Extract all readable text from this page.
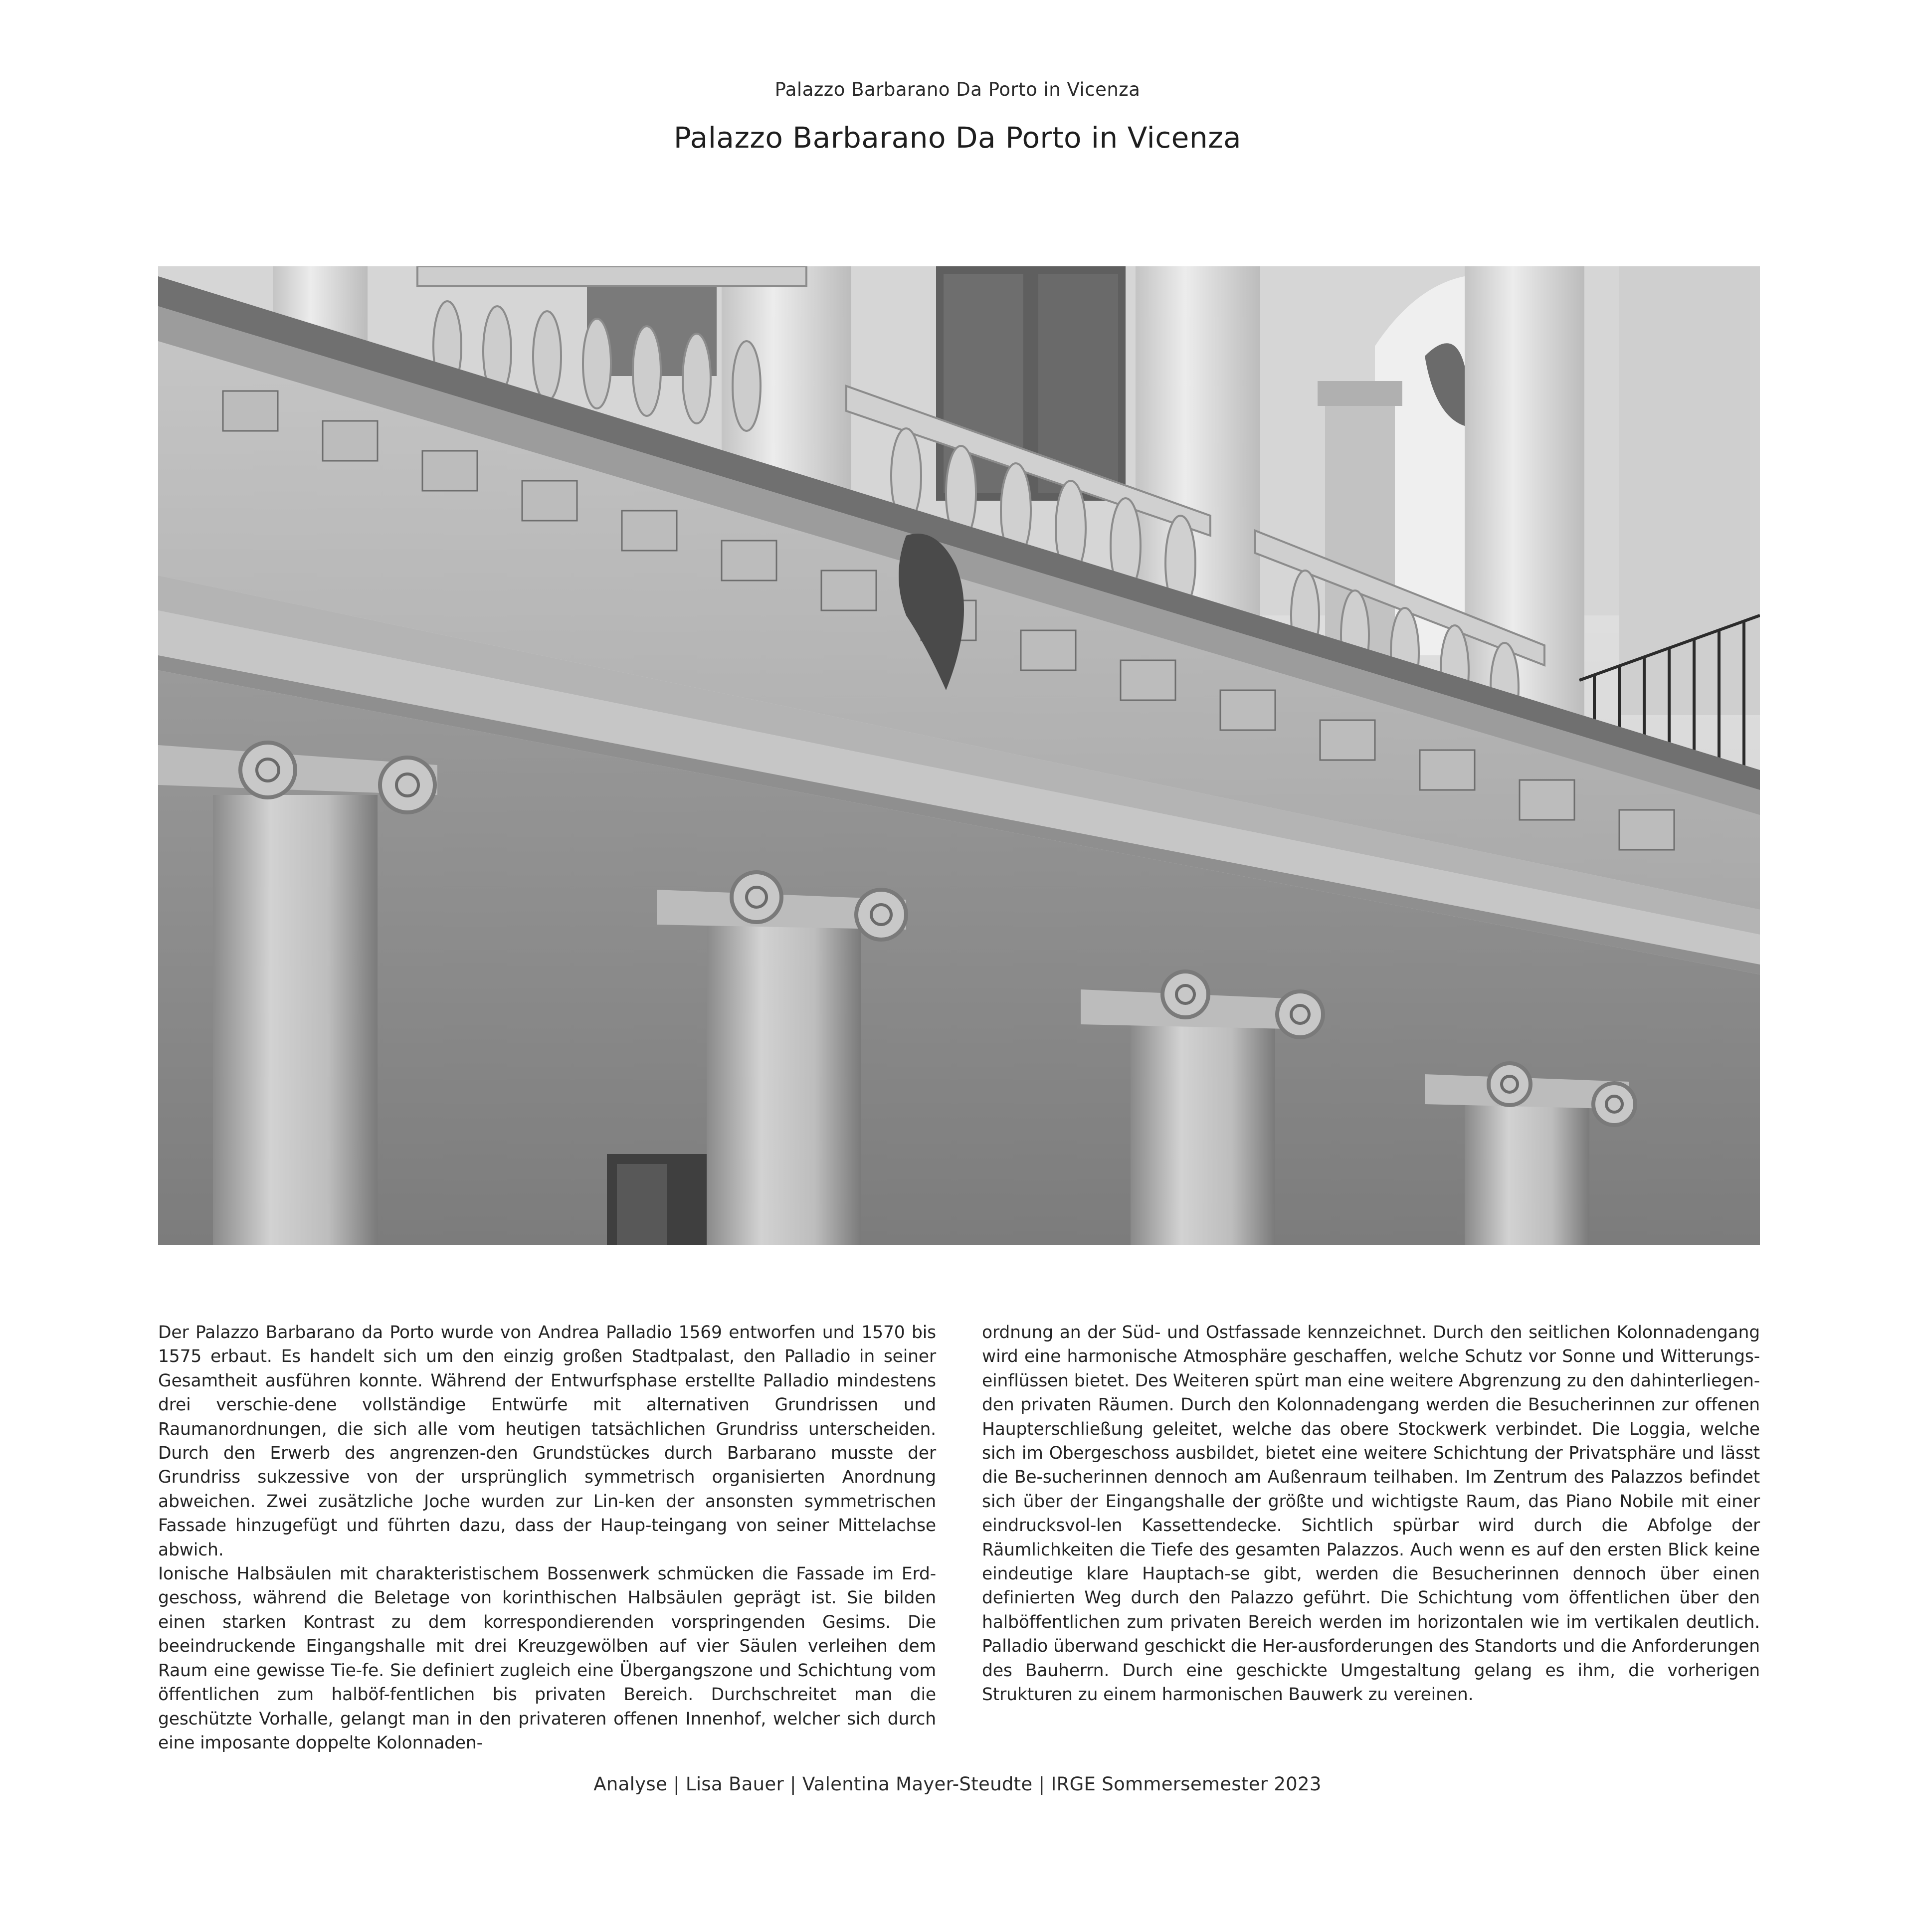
Palazzo Barbarano Da Porto in Vicenza
Palazzo Barbarano Da Porto in Vicenza

Der Palazzo Barbarano da Porto wurde von Andrea Palladio 1569 entworfen und 1570 bis 1575 erbaut. Es handelt sich um den einzig großen Stadtpalast, den Palladio in seiner Gesamtheit ausführen konnte. Während der Entwurfsphase erstellte Palladio mindestens drei verschie-dene vollständige Entwürfe mit alternativen Grundrissen und Raumanordnungen, die sich alle vom heutigen tatsächlichen Grundriss unterscheiden. Durch den Erwerb des angrenzen-den Grundstückes durch Barbarano musste der Grundriss sukzessive von der ursprünglich symmetrisch organisierten Anordnung abweichen. Zwei zusätzliche Joche wurden zur Lin-ken der ansonsten symmetrischen Fassade hinzugefügt und führten dazu, dass der Haup-teingang von seiner Mittelachse abwich.

Ionische Halbsäulen mit charakteristischem Bossenwerk schmücken die Fassade im Erd-geschoss, während die Beletage von korinthischen Halbsäulen geprägt ist. Sie bilden einen starken Kontrast zu dem korrespondierenden vorspringenden Gesims. Die beeindruckende Eingangshalle mit drei Kreuzgewölben auf vier Säulen verleihen dem Raum eine gewisse Tie-fe. Sie definiert zugleich eine Übergangszone und Schichtung vom öffentlichen zum halböf-fentlichen bis privaten Bereich. Durchschreitet man die geschützte Vorhalle, gelangt man in den privateren offenen Innenhof, welcher sich durch eine imposante doppelte Kolonnaden-

ordnung an der Süd- und Ostfassade kennzeichnet. Durch den seitlichen Kolonnadengang wird eine harmonische Atmosphäre geschaffen, welche Schutz vor Sonne und Witterungs-einflüssen bietet. Des Weiteren spürt man eine weitere Abgrenzung zu den dahinterliegen-den privaten Räumen. Durch den Kolonnadengang werden die Besucherinnen zur offenen Haupterschließung geleitet, welche das obere Stockwerk verbindet. Die Loggia, welche sich im Obergeschoss ausbildet, bietet eine weitere Schichtung der Privatsphäre und lässt die Be-sucherinnen dennoch am Außenraum teilhaben. Im Zentrum des Palazzos befindet sich über der Eingangshalle der größte und wichtigste Raum, das Piano Nobile mit einer eindrucksvol-len Kassettendecke. Sichtlich spürbar wird durch die Abfolge der Räumlichkeiten die Tiefe des gesamten Palazzos. Auch wenn es auf den ersten Blick keine eindeutige klare Hauptach-se gibt, werden die Besucherinnen dennoch über einen definierten Weg durch den Palazzo geführt. Die Schichtung vom öffentlichen über den halböffentlichen zum privaten Bereich werden im horizontalen wie im vertikalen deutlich. Palladio überwand geschickt die Her-ausforderungen des Standorts und die Anforderungen des Bauherrn. Durch eine geschickte Umgestaltung gelang es ihm, die vorherigen Strukturen zu einem harmonischen Bauwerk zu vereinen.

Analyse | Lisa Bauer | Valentina Mayer-Steudte | IRGE Sommersemester 2023
